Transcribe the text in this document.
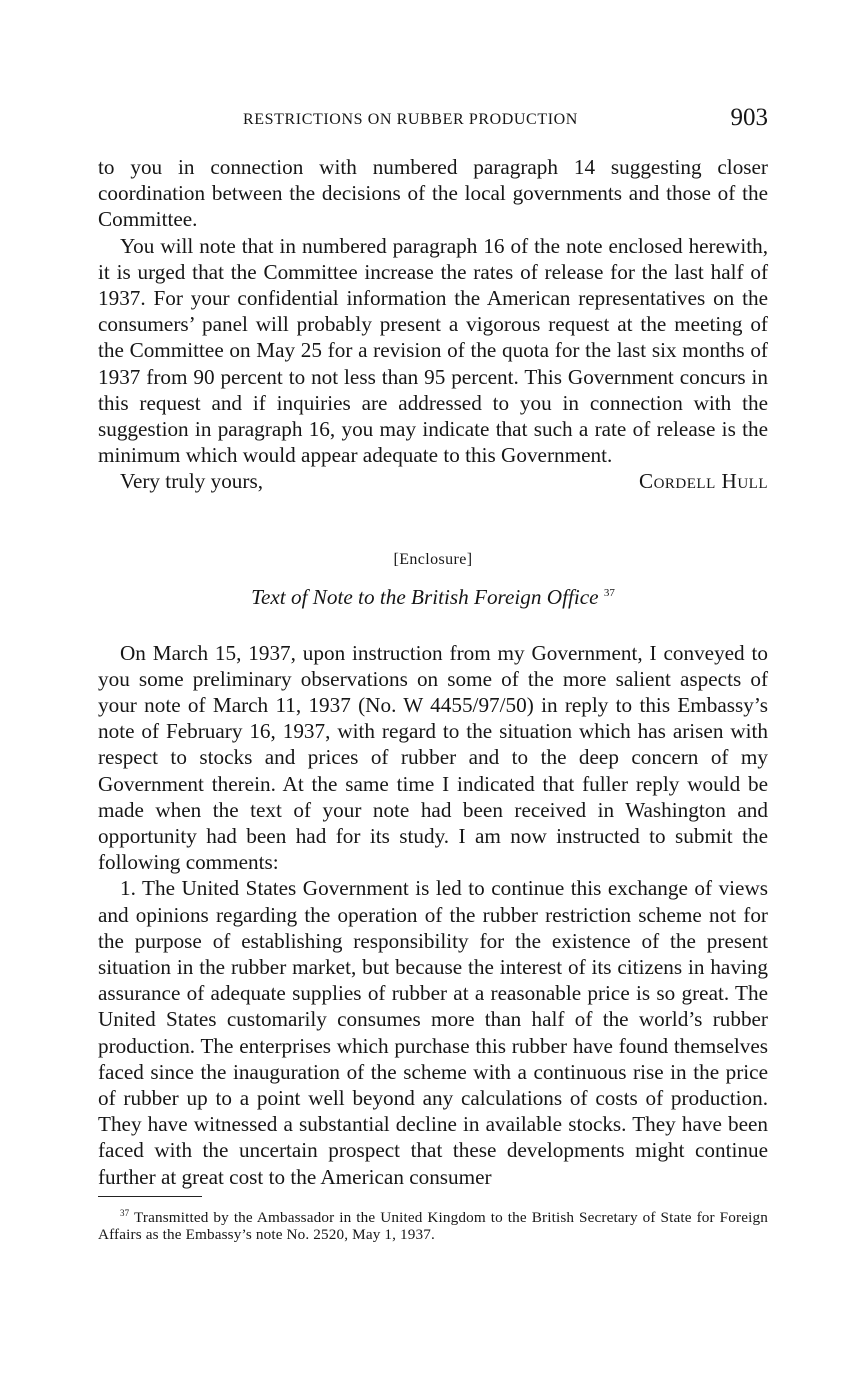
RESTRICTIONS ON RUBBER PRODUCTION	903

to you in connection with numbered paragraph 14 suggesting closer coordination between the decisions of the local governments and those of the Committee.

You will note that in numbered paragraph 16 of the note enclosed herewith, it is urged that the Committee increase the rates of release for the last half of 1937. For your confidential information the American representatives on the consumers’ panel will probably present a vigorous request at the meeting of the Committee on May 25 for a revision of the quota for the last six months of 1937 from 90 percent to not less than 95 percent. This Government concurs in this request and if inquiries are addressed to you in connection with the suggestion in paragraph 16, you may indicate that such a rate of release is the minimum which would appear adequate to this Government.

Very truly yours,	Cordell Hull
[Enclosure]
Text of Note to the British Foreign Office $^{37}$

On March 15, 1937, upon instruction from my Government, I conveyed to you some preliminary observations on some of the more salient aspects of your note of March 11, 1937 (No. W 4455/97/50) in reply to this Embassy’s note of February 16, 1937, with regard to the situation which has arisen with respect to stocks and prices of rubber and to the deep concern of my Government therein. At the same time I indicated that fuller reply would be made when the text of your note had been received in Washington and opportunity had been had for its study. I am now instructed to submit the following comments:

1. The United States Government is led to continue this exchange of views and opinions regarding the operation of the rubber restriction scheme not for the purpose of establishing responsibility for the existence of the present situation in the rubber market, but because the interest of its citizens in having assurance of adequate supplies of rubber at a reasonable price is so great. The United States customarily consumes more than half of the world’s rubber production. The enterprises which purchase this rubber have found themselves faced since the inauguration of the scheme with a continuous rise in the price of rubber up to a point well beyond any calculations of costs of production. They have witnessed a substantial decline in available stocks. They have been faced with the uncertain prospect that these developments might continue further at great cost to the American consumer

$^{37}$ Transmitted by the Ambassador in the United Kingdom to the British Secretary of State for Foreign Affairs as the Embassy’s note No. 2520, May 1, 1937.
